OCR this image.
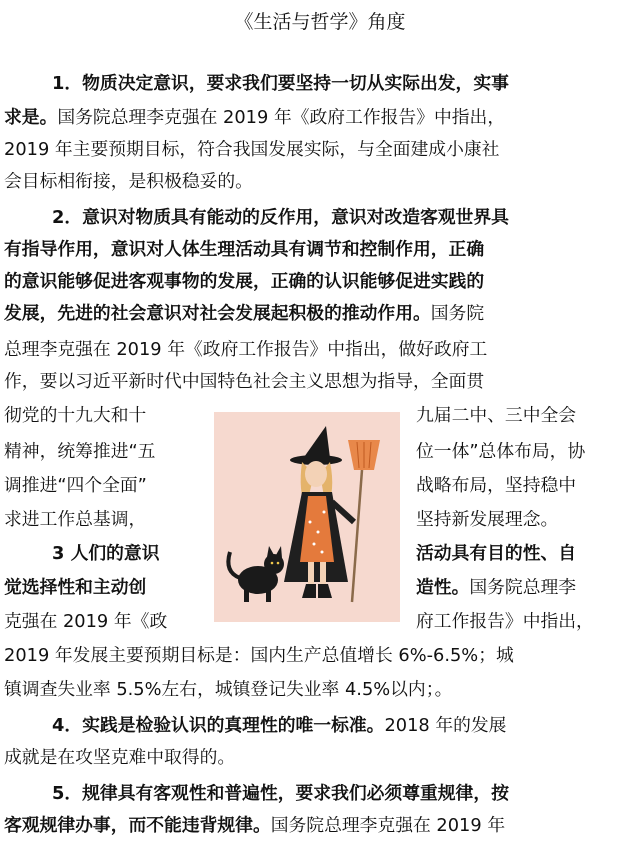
《生活与哲学》角度
1．物质决定意识，要求我们要坚持一切从实际出发，实事
求是。国务院总理李克强在 2019 年《政府工作报告》中指出，
2019 年主要预期目标，符合我国发展实际，与全面建成小康社
会目标相衔接，是积极稳妥的。
2．意识对物质具有能动的反作用，意识对改造客观世界具
有指导作用，意识对人体生理活动具有调节和控制作用，正确
的意识能够促进客观事物的发展，正确的认识能够促进实践的
发展，先进的社会意识对社会发展起积极的推动作用。国务院
总理李克强在 2019 年《政府工作报告》中指出，做好政府工
作，要以习近平新时代中国特色社会主义思想为指导，全面贯
彻党的十九大和十
精神，统筹推进“五
调推进“四个全面”
求进工作总基调，
九届二中、三中全会
位一体”总体布局，协
战略布局，坚持稳中
坚持新发展理念。
3 人们的意识
觉选择性和主动创
克强在 2019 年《政
活动具有目的性、自
造性。国务院总理李
府工作报告》中指出，
2019 年发展主要预期目标是：国内生产总值增长 6%-6.5%；城
镇调查失业率 5.5%左右，城镇登记失业率 4.5%以内；。
4．实践是检验认识的真理性的唯一标准。2018 年的发展
成就是在攻坚克难中取得的。
5．规律具有客观性和普遍性，要求我们必须尊重规律，按
客观规律办事，而不能违背规律。国务院总理李克强在 2019 年
